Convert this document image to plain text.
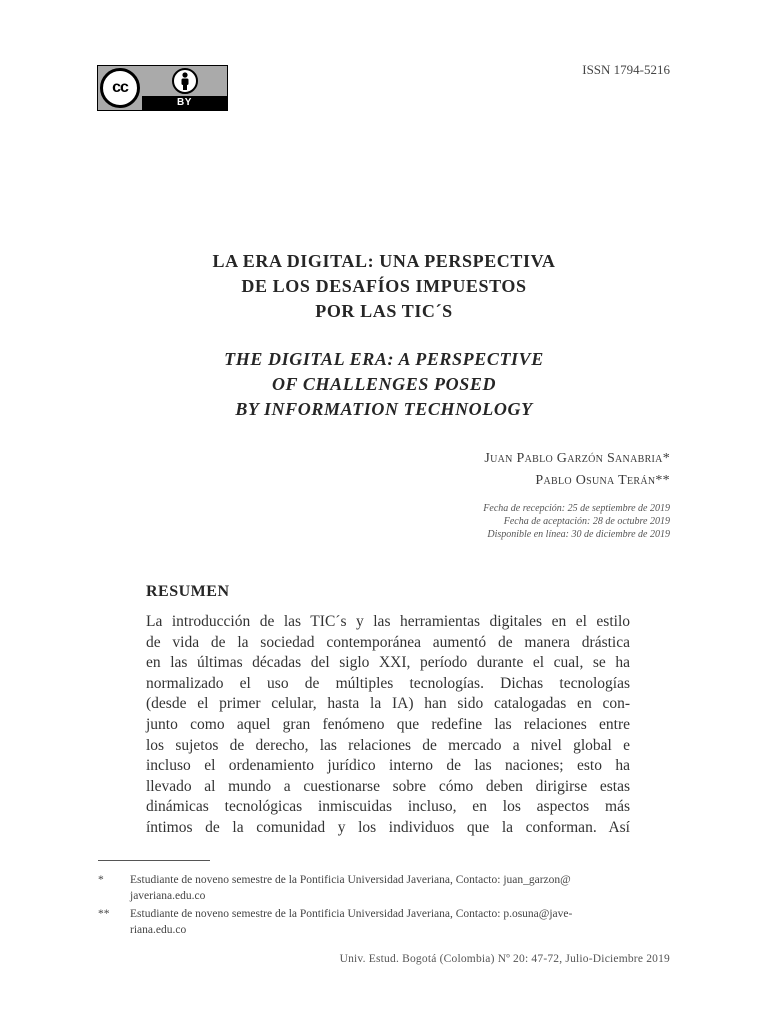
cc
BY
ISSN 1794-5216
LA ERA DIGITAL: UNA PERSPECTIVA
DE LOS DESAFÍOS IMPUESTOS
POR LAS TIC´S
THE DIGITAL ERA: A PERSPECTIVE
OF CHALLENGES POSED
BY INFORMATION TECHNOLOGY
Juan Pablo Garzón Sanabria*
Pablo Osuna Terán**
Fecha de recepción: 25 de septiembre de 2019
Fecha de aceptación: 28 de octubre 2019
Disponible en línea: 30 de diciembre de 2019
RESUMEN
La introducción de las TIC´s y las herramientas digitales en el estilo
de vida de la sociedad contemporánea aumentó de manera drástica
en las últimas décadas del siglo XXI, período durante el cual, se ha
normalizado el uso de múltiples tecnologías. Dichas tecnologías
(desde el primer celular, hasta la IA) han sido catalogadas en con-
junto como aquel gran fenómeno que redefine las relaciones entre
los sujetos de derecho, las relaciones de mercado a nivel global e
incluso el ordenamiento jurídico interno de las naciones; esto ha
llevado al mundo a cuestionarse sobre cómo deben dirigirse estas
dinámicas tecnológicas inmiscuidas incluso, en los aspectos más
íntimos de la comunidad y los individuos que la conforman. Así
* Estudiante de noveno semestre de la Pontificia Universidad Javeriana, Contacto: juan_garzon@
javeriana.edu.co
** Estudiante de noveno semestre de la Pontificia Universidad Javeriana, Contacto: p.osuna@jave-
riana.edu.co
Univ. Estud. Bogotá (Colombia) Nº 20: 47-72, Julio-Diciembre 2019
